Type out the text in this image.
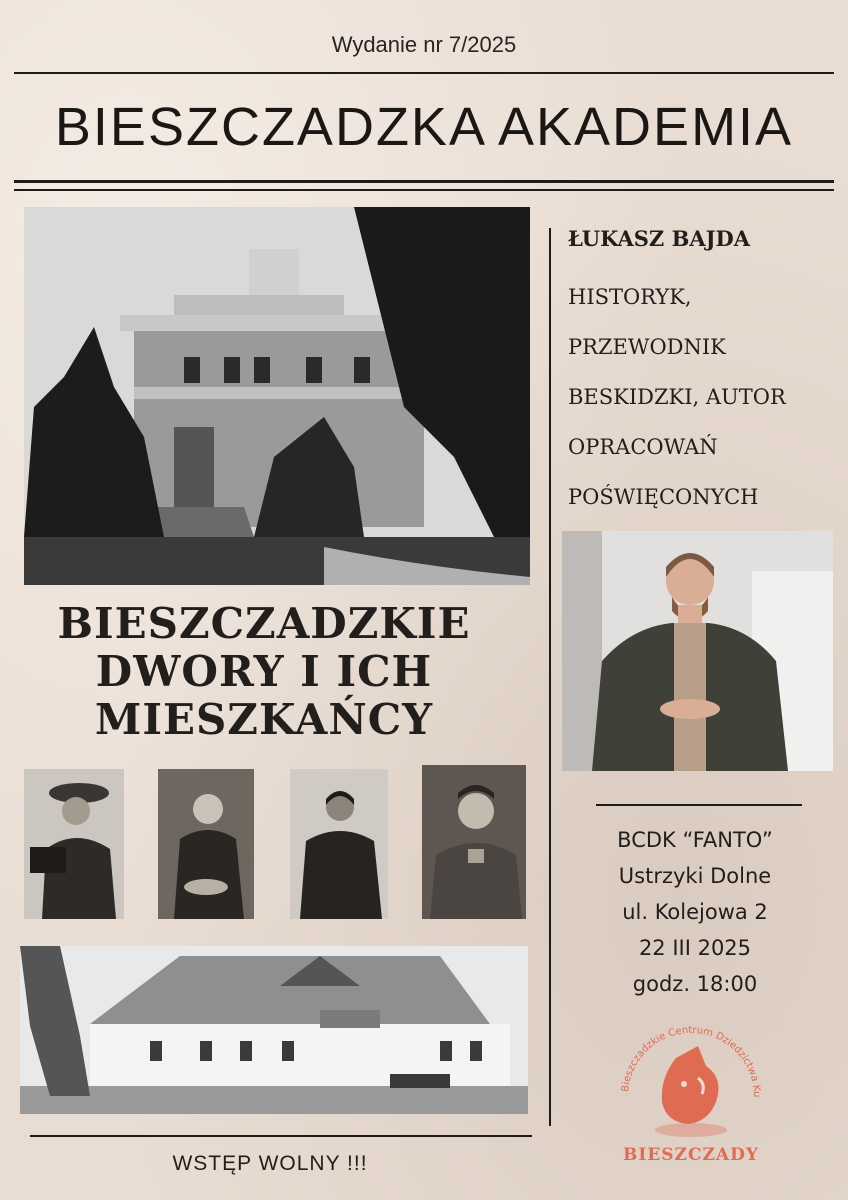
Wydanie nr 7/2025
BIESZCZADZKA AKADEMIA
BIESZCZADZKIE
DWORY I ICH
MIESZKAŃCY
ŁUKASZ BAJDA

HISTORYK,

PRZEWODNIK

BESKIDZKI, AUTOR

OPRACOWAŃ

POŚWIĘCONYCH

BCDK “FANTO”
Ustrzyki Dolne
ul. Kolejowa 2
22 III 2025
godz. 18:00
Bieszczadzkie Centrum Dziedzictwa Ku
BIESZCZADY
WSTĘP WOLNY !!!
